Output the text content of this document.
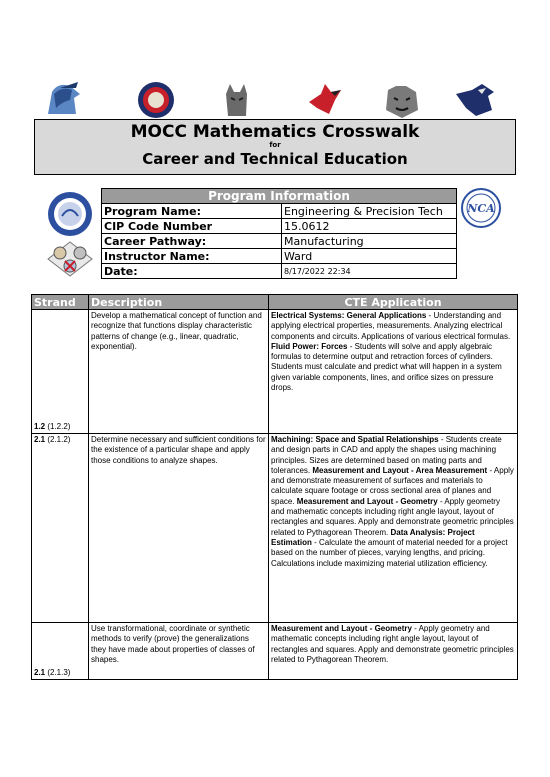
MOCC Mathematics Crosswalk
for
Career and Technical Education
NCA
Program Information	
Program Name:	Engineering & Precision Tech
CIP Code Number	15.0612
Career Pathway:	Manufacturing
Instructor Name:	Ward
Date:	8/17/2022 22:34
Strand	Description	CTE Application

1.2 (1.2.2)	Develop a mathematical concept of function and recognize that functions display characteristic patterns of change (e.g., linear, quadratic, exponential).	Electrical Systems: General Applications - Understanding and applying electrical properties, measurements. Analyzing electrical components and circuits. Applications of various electrical formulas. Fluid Power: Forces - Students will solve and apply algebraic formulas to determine output and retraction forces of cylinders. Students must calculate and predict what will happen in a system given variable components, lines, and orifice sizes on pressure drops.

2.1 (2.1.2)	Determine necessary and sufficient conditions for the existence of a particular shape and apply those conditions to analyze shapes.	Machining: Space and Spatial Relationships - Students create and design parts in CAD and apply the shapes using machining principles. Sizes are determined based on mating parts and tolerances. Measurement and Layout - Area Measurement - Apply and demonstrate measurement of surfaces and materials to calculate square footage or cross sectional area of planes and space. Measurement and Layout - Geometry - Apply geometry and mathematic concepts including right angle layout, layout of rectangles and squares. Apply and demonstrate geometric principles related to Pythagorean Theorem. Data Analysis: Project Estimation - Calculate the amount of material needed for a project based on the number of pieces, varying lengths, and pricing. Calculations include maximizing material utilization efficiency.

2.1 (2.1.3)	Use transformational, coordinate or synthetic methods to verify (prove) the generalizations they have made about properties of classes of shapes.	Measurement and Layout - Geometry - Apply geometry and mathematic concepts including right angle layout, layout of rectangles and squares. Apply and demonstrate geometric principles related to Pythagorean Theorem.
